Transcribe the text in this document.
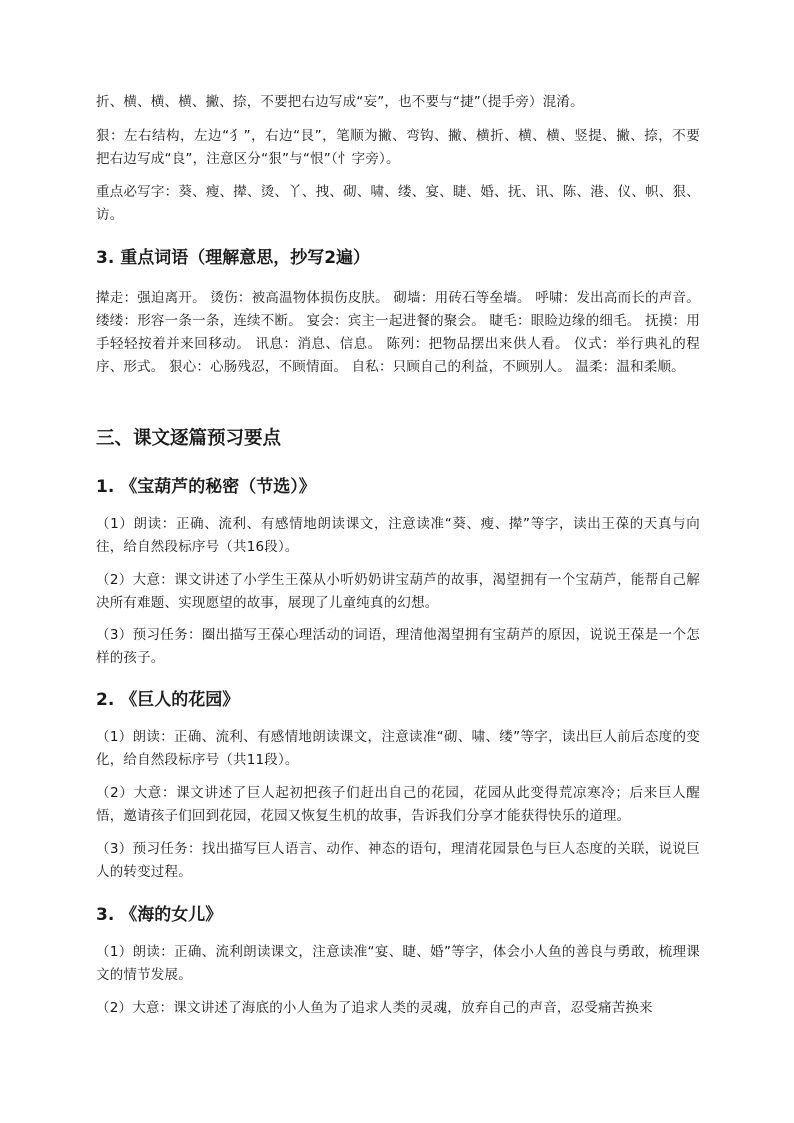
折、横、横、横、撇、捺，不要把右边写成“妄”，也不要与“捷”（提手旁）混淆。

狠：左右结构，左边“犭”，右边“艮”，笔顺为撇、弯钩、撇、横折、横、横、竖提、撇、捺，不要把右边写成“良”，注意区分“狠”与“恨”（忄字旁）。

重点必写字：葵、瘦、撵、烫、丫、拽、砌、啸、缕、宴、睫、婚、抚、讯、陈、港、仪、帜、狠、访。

3. 重点词语（理解意思，抄写2遍）

撵走：强迫离开。 烫伤：被高温物体损伤皮肤。 砌墙：用砖石等垒墙。 呼啸：发出高而长的声音。 缕缕：形容一条一条，连续不断。 宴会：宾主一起进餐的聚会。 睫毛：眼睑边缘的细毛。 抚摸：用手轻轻按着并来回移动。 讯息：消息、信息。 陈列：把物品摆出来供人看。 仪式：举行典礼的程序、形式。 狠心：心肠残忍，不顾情面。 自私：只顾自己的利益，不顾别人。 温柔：温和柔顺。

三、课文逐篇预习要点
1. 《宝葫芦的秘密（节选）》

（1）朗读：正确、流利、有感情地朗读课文，注意读准“葵、瘦、撵”等字，读出王葆的天真与向往，给自然段标序号（共16段）。

（2）大意：课文讲述了小学生王葆从小听奶奶讲宝葫芦的故事，渴望拥有一个宝葫芦，能帮自己解决所有难题、实现愿望的故事，展现了儿童纯真的幻想。

（3）预习任务：圈出描写王葆心理活动的词语，理清他渴望拥有宝葫芦的原因，说说王葆是一个怎样的孩子。

2. 《巨人的花园》

（1）朗读：正确、流利、有感情地朗读课文，注意读准“砌、啸、缕”等字，读出巨人前后态度的变化，给自然段标序号（共11段）。

（2）大意：课文讲述了巨人起初把孩子们赶出自己的花园，花园从此变得荒凉寒冷；后来巨人醒悟，邀请孩子们回到花园，花园又恢复生机的故事，告诉我们分享才能获得快乐的道理。

（3）预习任务：找出描写巨人语言、动作、神态的语句，理清花园景色与巨人态度的关联，说说巨人的转变过程。

3. 《海的女儿》

（1）朗读：正确、流利朗读课文，注意读准“宴、睫、婚”等字，体会小人鱼的善良与勇敢，梳理课文的情节发展。

（2）大意：课文讲述了海底的小人鱼为了追求人类的灵魂，放弃自己的声音，忍受痛苦换来
